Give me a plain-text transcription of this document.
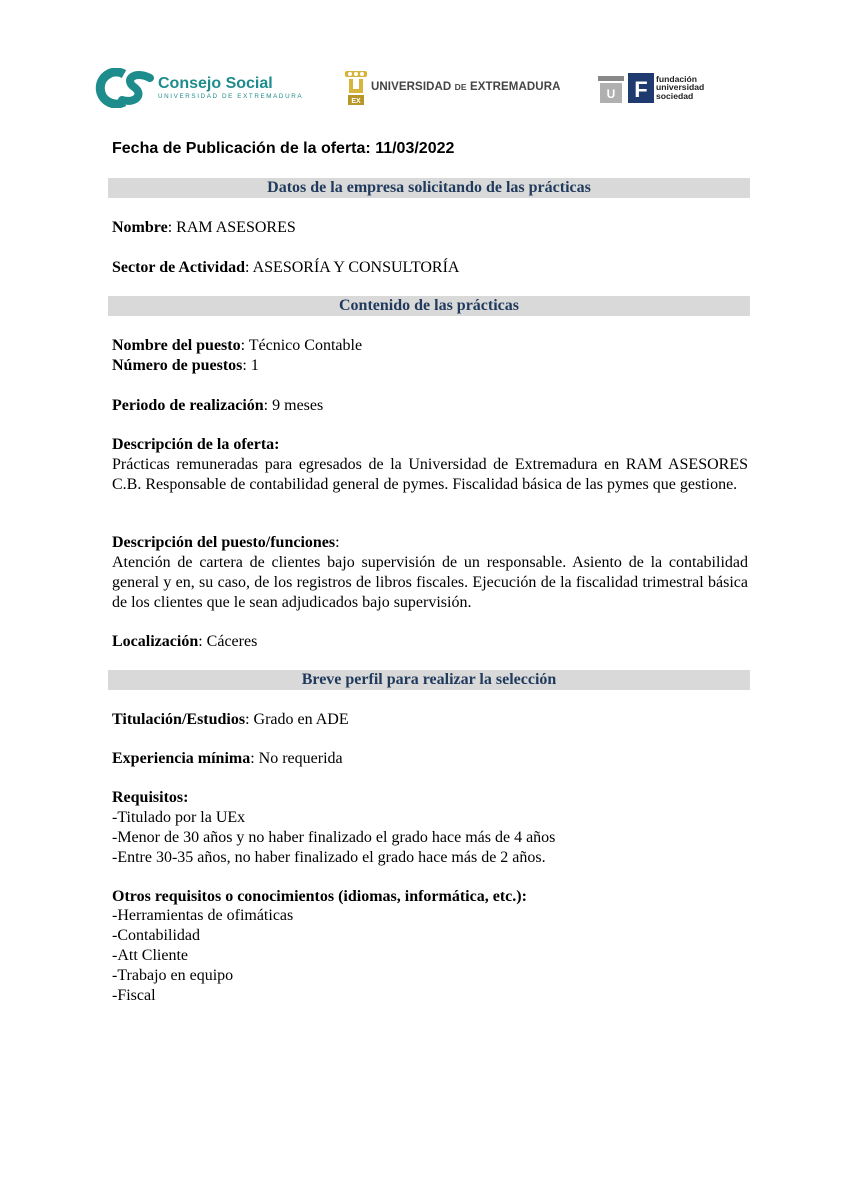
Consejo Social
UNIVERSIDAD DE EXTREMADURA
EX
UNIVERSIDAD DE EXTREMADURA	U F fundación
universidad
sociedad
Fecha de Publicación de la oferta: 11/03/2022
Datos de la empresa solicitando de las prácticas
Nombre: RAM ASESORES
Sector de Actividad: ASESORÍA Y CONSULTORÍA
Contenido de las prácticas
Nombre del puesto: Técnico Contable
Número de puestos: 1
Periodo de realización: 9 meses
Descripción de la oferta:
Prácticas remuneradas para egresados de la Universidad de Extremadura en RAM ASESORES C.B. Responsable de contabilidad general de pymes. Fiscalidad básica de las pymes que gestione.
Descripción del puesto/funciones:
Atención de cartera de clientes bajo supervisión de un responsable. Asiento de la contabilidad general y en, su caso, de los registros de libros fiscales. Ejecución de la fiscalidad trimestral básica de los clientes que le sean adjudicados bajo supervisión.
Localización: Cáceres
Breve perfil para realizar la selección
Titulación/Estudios: Grado en ADE
Experiencia mínima: No requerida
Requisitos:
-Titulado por la UEx
-Menor de 30 años y no haber finalizado el grado hace más de 4 años
-Entre 30-35 años, no haber finalizado el grado hace más de 2 años.
Otros requisitos o conocimientos (idiomas, informática, etc.):
-Herramientas de ofimáticas
-Contabilidad
-Att Cliente
-Trabajo en equipo
-Fiscal
